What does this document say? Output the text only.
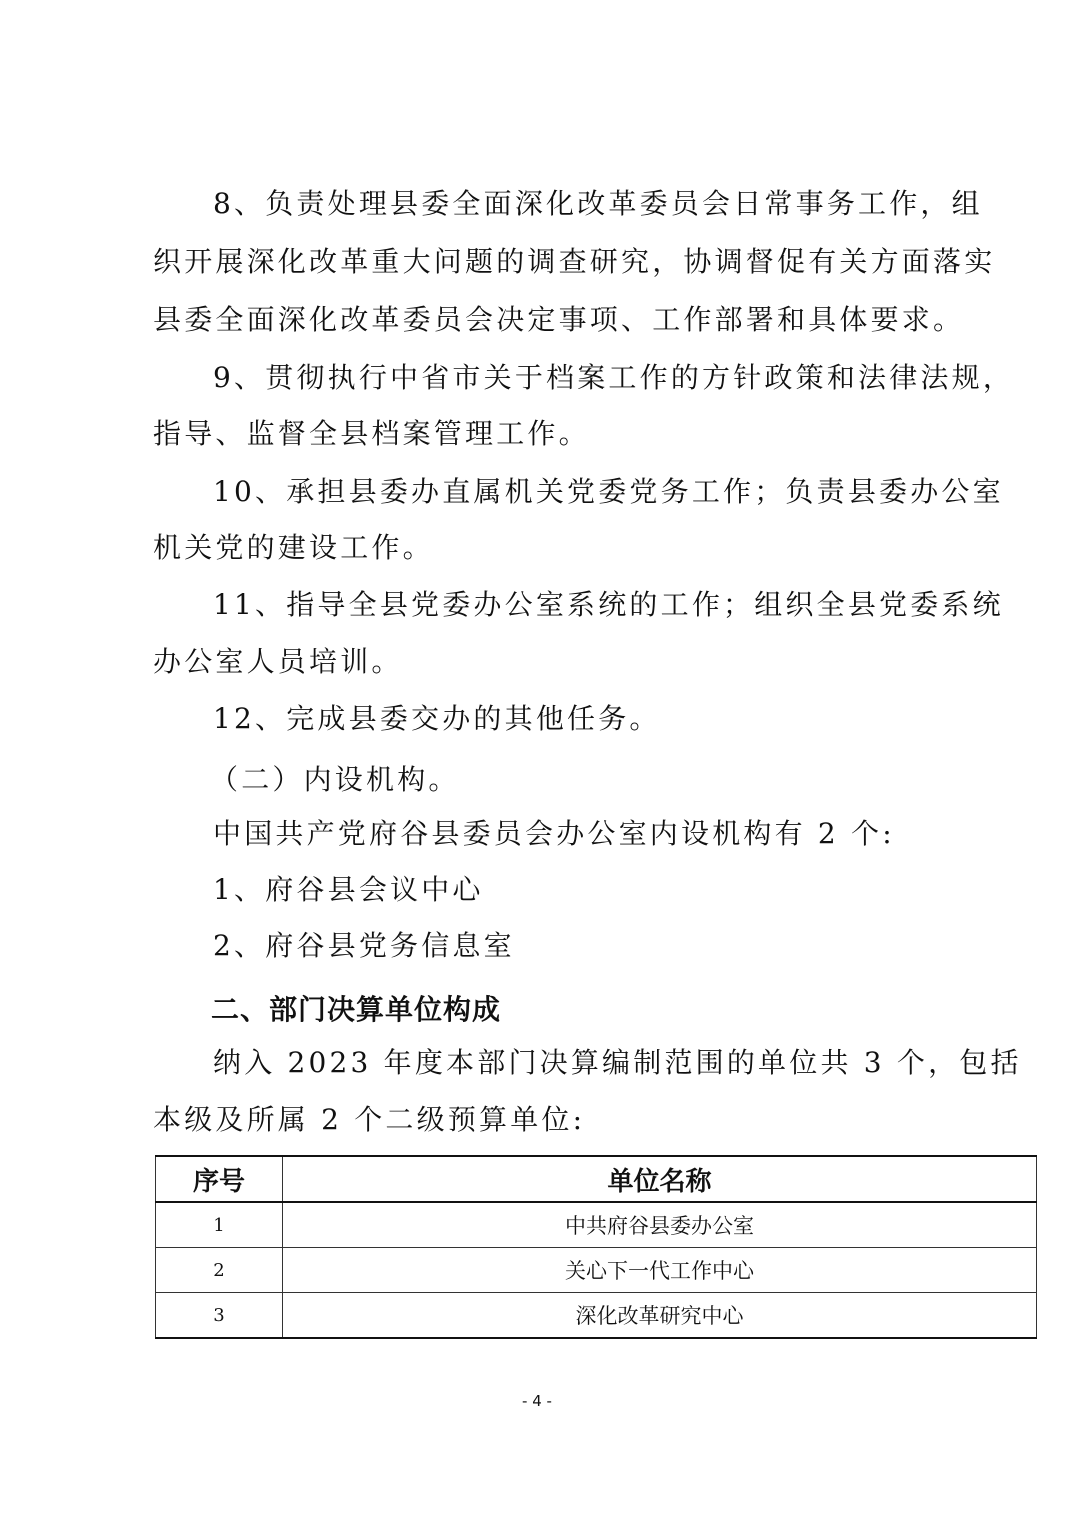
8、负责处理县委全面深化改革委员会日常事务工作，组
织开展深化改革重大问题的调查研究，协调督促有关方面落实
县委全面深化改革委员会决定事项、工作部署和具体要求。
9、贯彻执行中省市关于档案工作的方针政策和法律法规，
指导、监督全县档案管理工作。
10、承担县委办直属机关党委党务工作；负责县委办公室
机关党的建设工作。
11、指导全县党委办公室系统的工作；组织全县党委系统
办公室人员培训。
12、完成县委交办的其他任务。
（二）内设机构。
中国共产党府谷县委员会办公室内设机构有 2 个:
1、府谷县会议中心
2、府谷县党务信息室
二、部门决算单位构成
纳入 2023 年度本部门决算编制范围的单位共 3 个，包括
本级及所属 2 个二级预算单位:
序号	单位名称
1	中共府谷县委办公室
2	关心下一代工作中心
3	深化改革研究中心
- 4 -
